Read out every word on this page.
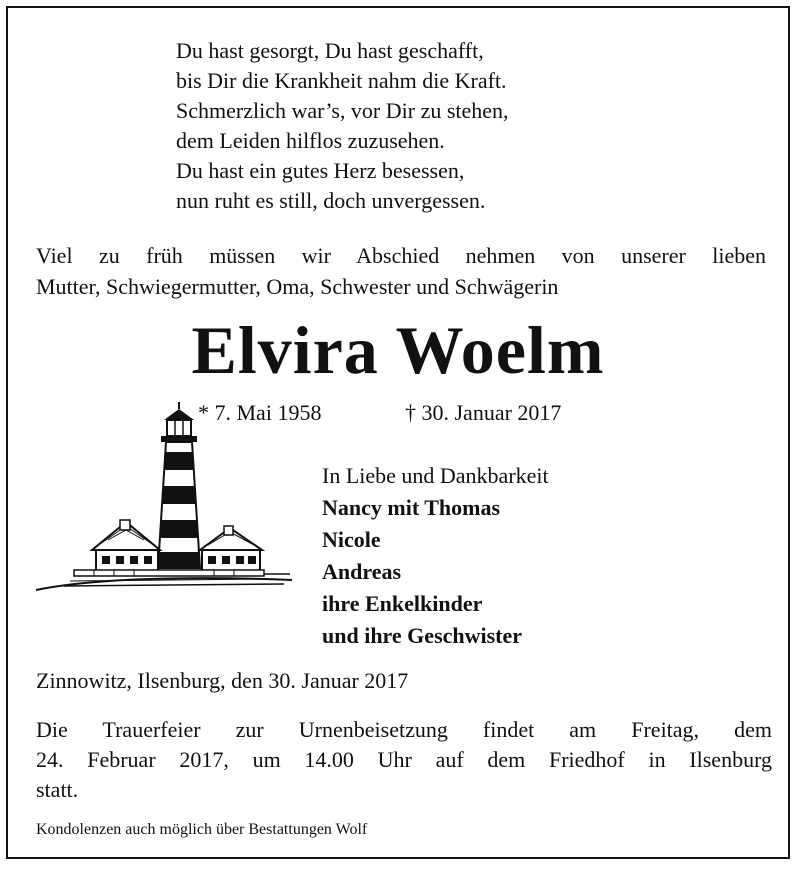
Du hast gesorgt, Du hast geschafft,
bis Dir die Krankheit nahm die Kraft.
Schmerzlich war’s, vor Dir zu stehen,
dem Leiden hilflos zuzusehen.
Du hast ein gutes Herz besessen,
nun ruht es still, doch unvergessen.
Viel zu früh müssen wir Abschied nehmen von unserer lieben
Mutter, Schwiegermutter, Oma, Schwester und Schwägerin
Elvira Woelm
* 7. Mai 1958	† 30. Januar 2017
In Liebe und Dankbarkeit
Nancy mit Thomas
Nicole
Andreas
ihre Enkelkinder
und ihre Geschwister
Zinnowitz, Ilsenburg, den 30. Januar 2017
Die Trauerfeier zur Urnenbeisetzung findet am Freitag, dem
24. Februar 2017, um 14.00 Uhr auf dem Friedhof in Ilsenburg
statt.
Kondolenzen auch möglich über Bestattungen Wolf
